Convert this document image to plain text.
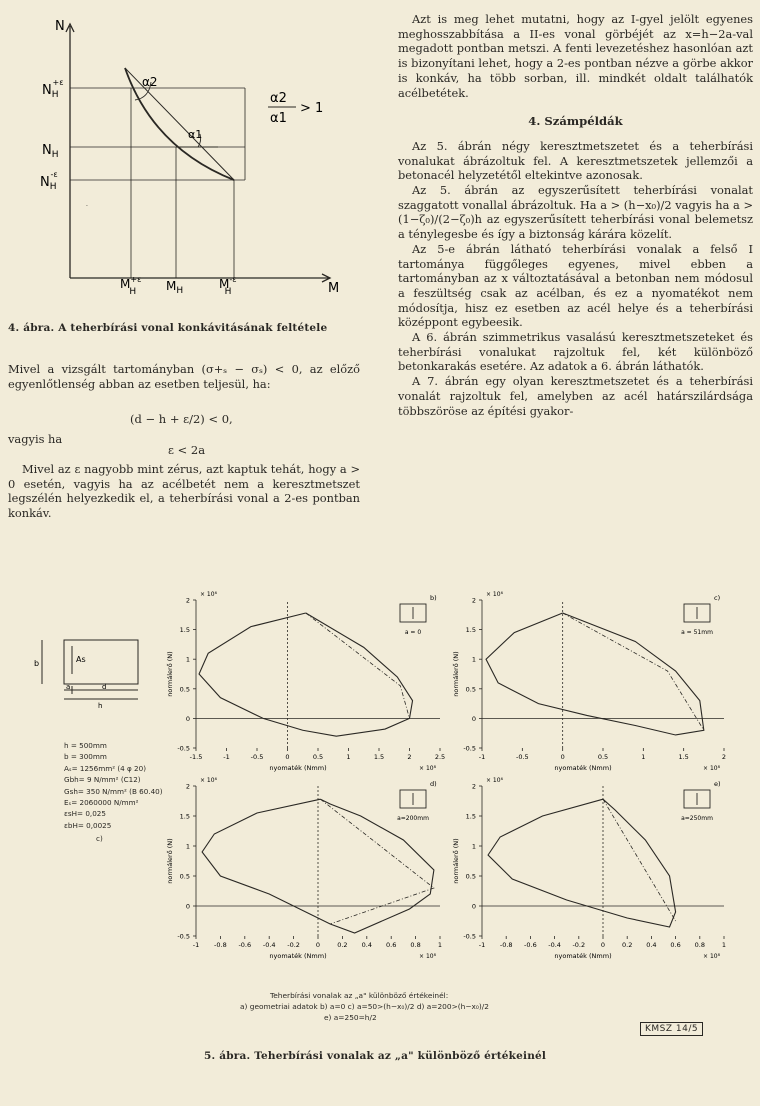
N
M
$N_H+\varepsilon$
$N_H$
$N_H-\varepsilon$
$M^{+\varepsilon}$ H	$M_H$	$M^{-\varepsilon}$ H
α2
α1
α2
α1
> 1
·
4. ábra. A teherbírási vonal konkávitásának feltétele

Mivel a vizsgált tartományban (σ+ₛ − σₛ) < 0, az előző egyenlőtlenség abban az esetben teljesül, ha:

(d − h + ε/2) < 0,
vagyis ha
ε < 2a

Mivel az ε nagyobb mint zérus, azt kaptuk tehát, hogy a > 0 esetén, vagyis ha az acélbetét nem a keresztmetszet legszélén helyezkedik el, a teherbírási vonal a 2-es pontban konkáv.

Azt is meg lehet mutatni, hogy az I-gyel jelölt egyenes meghosszabbítása a II-es vonal görbéjét az x=h−2a-val megadott pontban metszi. A fenti levezetéshez hasonlóan azt is bizonyítani lehet, hogy a 2-es pontban nézve a görbe akkor is konkáv, ha több sorban, ill. mindkét oldalt találhatók acélbetétek.

4. Számpéldák

Az 5. ábrán négy keresztmetszetet és a teherbírási vonalukat ábrázoltuk fel. A keresztmetszetek jellemzői a betonacél helyzetétől eltekintve azonosak.

Az 5. ábrán az egyszerűsített teherbírási vonalat szaggatott vonallal ábrázoltuk. Ha a > (h−x₀)/2 vagyis ha a > (1−ζ₀)/(2−ζ₀)h az egyszerűsített teherbírási vonal belemetsz a ténylegesbe és így a biztonság kárára közelít.

Az 5-e ábrán látható teherbírási vonalak a felső I tartománya függőleges egyenes, mivel ebben a tartományban az x változtatásával a betonban nem módosul a feszültség csak az acélban, és ez a nyomatékot nem módosítja, hisz ez esetben az acél helye és a teherbírási középpont egybeesik.

A 6. ábrán szimmetrikus vasalású keresztmetszeteket és teherbírási vonalukat rajzoltuk fel, két különböző betonkarakás esetére. Az adatok a 6. ábrán láthatók.

A 7. ábrán egy olyan keresztmetszetet és a teherbírási vonalát rajzoltuk fel, amelyben az acél határszilárdsága többszöröse az építési gyakor-

b	As
a	d
h
h = 500mm
b = 300mm
Aₛ= 1256mm² (4 φ 20)
Gbh= 9 N/mm² (C12)
Gsh= 350 N/mm² (B 60.40)
Eₛ= 2060000 N/mm²
εsH= 0,025
εbH= 0,0025
c)
2
1.5
1
0.5
0
-0.5
-1.5	-1	-0.5	0	0.5	1	1.5	2	2.5
× 10⁶
× 10⁸
normálerő (N)
nyomaték (Nmm)
a = 0
b)	2
1.5
1
0.5
0
-0.5
-1	-0.5	0	0.5	1	1.5	2
× 10⁶
× 10⁸
normálerő (N)
nyomaték (Nmm)
a = 51mm
c)
2
1.5
1
0.5
0
-0.5
-1 -0.8 -0.6 -0.4 -0.2 0	0.2 0.4 0.6 0.8	1
× 10⁶
× 10⁸
normálerő (N)
nyomaték (Nmm)
a=200mm
d)	2
1.5
1
0.5
0
-0.5
-1 -0.8 -0.6 -0.4 -0.2 0	0.2 0.4 0.6 0.8	1
× 10⁶
× 10⁸
normálerő (N)
nyomaték (Nmm)
a=250mm
e)
Teherbírási vonalak az „a" különböző értékeinél:
a) geometriai adatok b) a=0 c) a=50>(h−x₀)/2 d) a=200>(h−x₀)/2
e) a=250=h/2
KMSZ 14/5
5. ábra. Teherbírási vonalak az „a" különböző értékeinél
